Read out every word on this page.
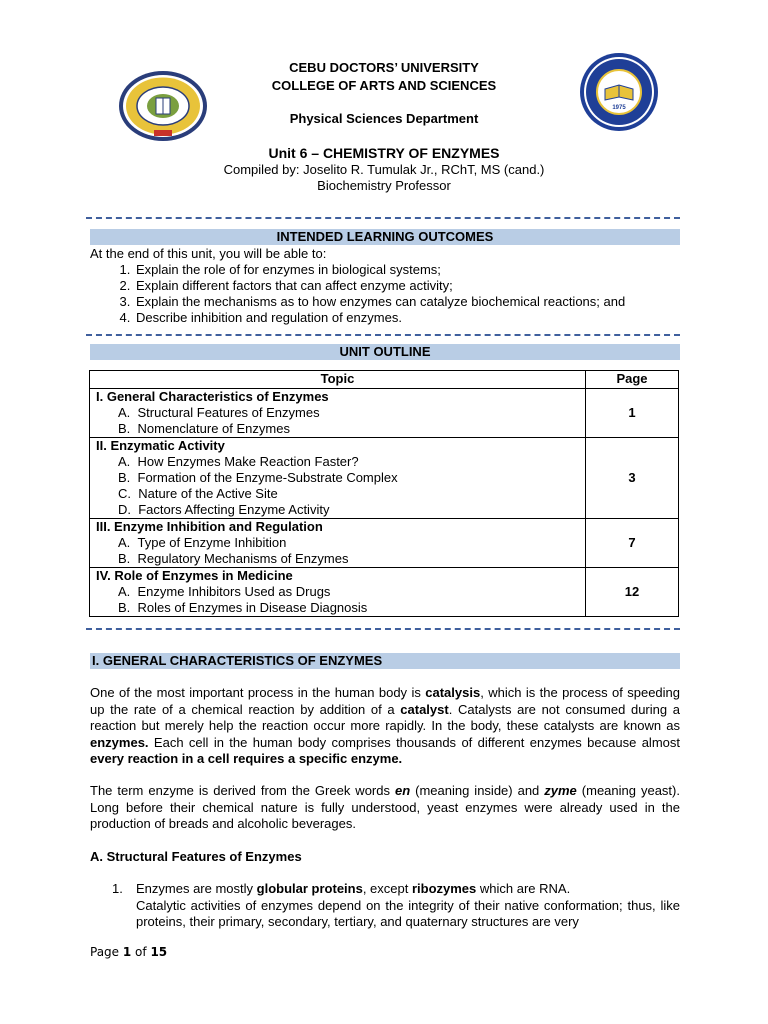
1975
CEBU DOCTORS’ UNIVERSITY
COLLEGE OF ARTS AND SCIENCES
Physical Sciences Department
Unit 6 – CHEMISTRY OF ENZYMES
Compiled by: Joselito R. Tumulak Jr., RChT, MS (cand.)
Biochemistry Professor
INTENDED LEARNING OUTCOMES
At the end of this unit, you will be able to:
1. Explain the role of for enzymes in biological systems;
2. Explain different factors that can affect enzyme activity;
3. Explain the mechanisms as to how enzymes can catalyze biochemical reactions; and
4. Describe inhibition and regulation of enzymes.
UNIT OUTLINE
Topic	Page

I. General Characteristics of Enzymes
A.  Structural Features of Enzymes
B.  Nomenclature of Enzymes	1

II. Enzymatic Activity
A.  How Enzymes Make Reaction Faster?
B.  Formation of the Enzyme-Substrate Complex
C.  Nature of the Active Site
D.  Factors Affecting Enzyme Activity	3

III. Enzyme Inhibition and Regulation
A.  Type of Enzyme Inhibition
B.  Regulatory Mechanisms of Enzymes	7

IV. Role of Enzymes in Medicine
A.  Enzyme Inhibitors Used as Drugs
B.  Roles of Enzymes in Disease Diagnosis	12
I. GENERAL CHARACTERISTICS OF ENZYMES

One of the most important process in the human body is catalysis, which is the process of speeding up the rate of a chemical reaction by addition of a catalyst. Catalysts are not consumed during a reaction but merely help the reaction occur more rapidly. In the body, these catalysts are known as enzymes. Each cell in the human body comprises thousands of different enzymes because almost every reaction in a cell requires a specific enzyme.

The term enzyme is derived from the Greek words en (meaning inside) and zyme (meaning yeast). Long before their chemical nature is fully understood, yeast enzymes were already used in the production of breads and alcoholic beverages.

A. Structural Features of Enzymes
1. Enzymes are mostly globular proteins, except ribozymes which are RNA.
Catalytic activities of enzymes depend on the integrity of their native conformation; thus, like proteins, their primary, secondary, tertiary, and quaternary structures are very
Page 1 of 15
